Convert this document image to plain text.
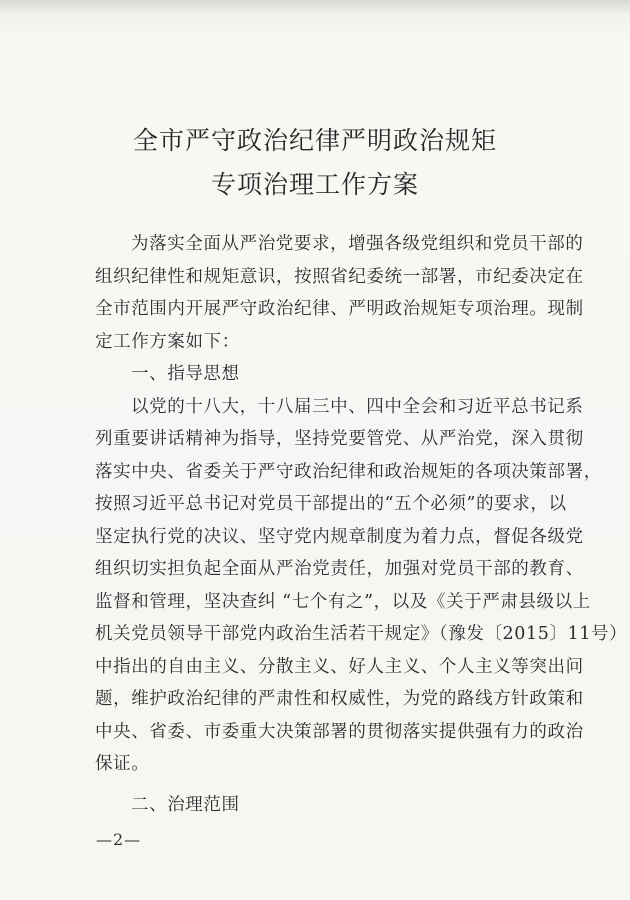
全市严守政治纪律严明政治规矩
专项治理工作方案
为落实全面从严治党要求，增强各级党组织和党员干部的
组织纪律性和规矩意识，按照省纪委统一部署，市纪委决定在
全市范围内开展严守政治纪律、严明政治规矩专项治理。现制
定工作方案如下：
一、指导思想
以党的十八大，十八届三中、四中全会和习近平总书记系
列重要讲话精神为指导，坚持党要管党、从严治党，深入贯彻
落实中央、省委关于严守政治纪律和政治规矩的各项决策部署，
按照习近平总书记对党员干部提出的“五个必须”的要求，以
坚定执行党的决议、坚守党内规章制度为着力点，督促各级党
组织切实担负起全面从严治党责任，加强对党员干部的教育、
监督和管理，坚决查纠 “七个有之”，以及《关于严肃县级以上
机关党员领导干部党内政治生活若干规定》（豫发〔2015〕11号）
中指出的自由主义、分散主义、好人主义、个人主义等突出问
题，维护政治纪律的严肃性和权威性，为党的路线方针政策和
中央、省委、市委重大决策部署的贯彻落实提供强有力的政治
保证。
二、治理范围
—2—
